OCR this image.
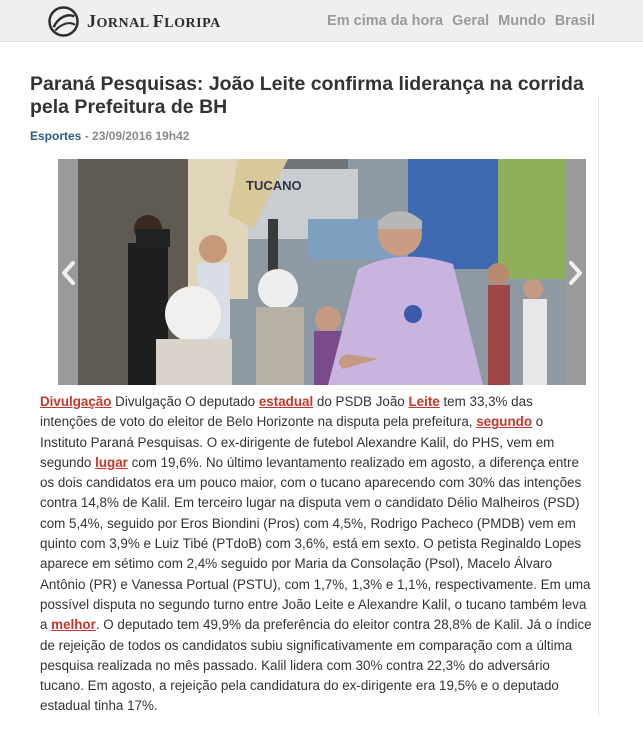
JORNAL FLORIPA	Em cima da hora Geral Mundo Brasil
Paraná Pesquisas: João Leite confirma liderança na corrida pela Prefeitura de BH
Esportes - 23/09/2016 19h42
TUCANO
Divulgação Divulgação O deputado estadual do PSDB João Leite tem 33,3% das intenções de voto do eleitor de Belo Horizonte na disputa pela prefeitura, segundo o Instituto Paraná Pesquisas. O ex-dirigente de futebol Alexandre Kalil, do PHS, vem em segundo lugar com 19,6%. No último levantamento realizado em agosto, a diferença entre os dois candidatos era um pouco maior, com o tucano aparecendo com 30% das intenções contra 14,8% de Kalil. Em terceiro lugar na disputa vem o candidato Délio Malheiros (PSD) com 5,4%, seguido por Eros Biondini (Pros) com 4,5%, Rodrigo Pacheco (PMDB) vem em quinto com 3,9% e Luiz Tibé (PTdoB) com 3,6%, está em sexto. O petista Reginaldo Lopes aparece em sétimo com 2,4% seguido por Maria da Consolação (Psol), Macelo Álvaro Antônio (PR) e Vanessa Portual (PSTU), com 1,7%, 1,3% e 1,1%, respectivamente. Em uma possível disputa no segundo turno entre João Leite e Alexandre Kalil, o tucano também leva a melhor. O deputado tem 49,9% da preferência do eleitor contra 28,8% de Kalil. Já o índice de rejeição de todos os candidatos subiu significativamente em comparação com a última pesquisa realizada no mês passado. Kalil lidera com 30% contra 22,3% do adversário tucano. Em agosto, a rejeição pela candidatura do ex-dirigente era 19,5% e o deputado estadual tinha 17%.
